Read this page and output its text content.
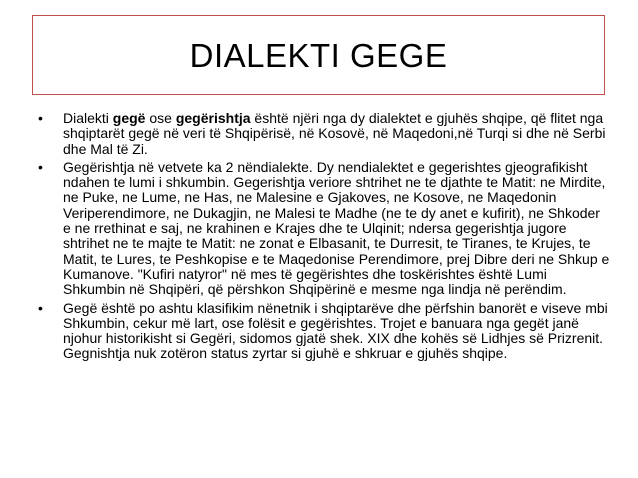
DIALEKTI GEGE
• Dialekti gegë ose gegërishtja është njëri nga dy dialektet e gjuhës shqipe, që flitet nga shqiptarët gegë në veri të Shqipërisë, në Kosovë, në Maqedoni,në Turqi si dhe në Serbi dhe Mal të Zi.
• Gegërishtja në vetvete ka 2 nëndialekte. Dy nendialektet e gegerishtes gjeografikisht ndahen te lumi i shkumbin. Gegerishtja veriore shtrihet ne te djathte te Matit: ne Mirdite, ne Puke, ne Lume, ne Has, ne Malesine e Gjakoves, ne Kosove, ne Maqedonin Veriperendimore, ne Dukagjin, ne Malesi te Madhe (ne te dy anet e kufirit), ne Shkoder e ne rrethinat e saj, ne krahinen e Krajes dhe te Ulqinit; ndersa gegerishtja jugore shtrihet ne te majte te Matit: ne zonat e Elbasanit, te Durresit, te Tiranes, te Krujes, te Matit, te Lures, te Peshkopise e te Maqedonise Perendimore, prej Dibre deri ne Shkup e Kumanove. "Kufiri natyror" në mes të gegërishtes dhe toskërishtes është Lumi Shkumbin në Shqipëri, që përshkon Shqipërinë e mesme nga lindja në perëndim.
• Gegë është po ashtu klasifikim nënetnik i shqiptarëve dhe përfshin banorët e viseve mbi Shkumbin, cekur më lart, ose folësit e gegërishtes. Trojet e banuara nga gegët janë njohur historikisht si Gegëri, sidomos gjatë shek. XIX dhe kohës së Lidhjes së Prizrenit. Gegnishtja nuk zotëron status zyrtar si gjuhë e shkruar e gjuhës shqipe.
